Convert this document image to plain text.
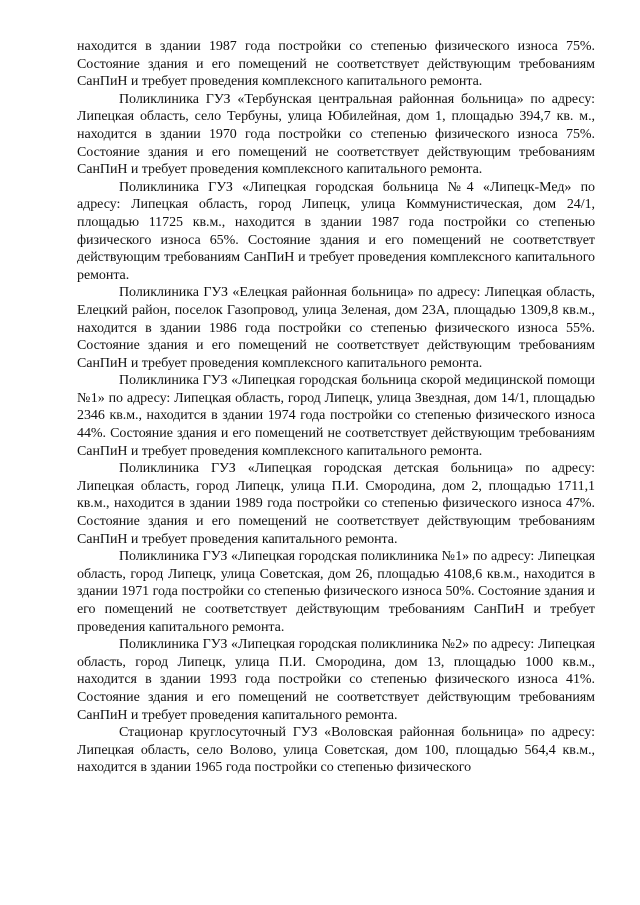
находится в здании 1987 года постройки со степенью физического износа 75%. Состояние здания и его помещений не соответствует действующим требованиям СанПиН и требует проведения комплексного капитального ремонта.

Поликлиника ГУЗ «Тербунская центральная районная больница» по адресу: Липецкая область, село Тербуны, улица Юбилейная, дом 1, площадью 394,7 кв. м., находится в здании 1970 года постройки со степенью физического износа 75%. Состояние здания и его помещений не соответствует действующим требованиям СанПиН и требует проведения комплексного капитального ремонта.

Поликлиника ГУЗ «Липецкая городская больница №4 «Липецк-Мед» по адресу: Липецкая область, город Липецк, улица Коммунистическая, дом 24/1, площадью 11725 кв.м., находится в здании 1987 года постройки со степенью физического износа 65%. Состояние здания и его помещений не соответствует действующим требованиям СанПиН и требует проведения комплексного капитального ремонта.

Поликлиника ГУЗ «Елецкая районная больница» по адресу: Липецкая область, Елецкий район, поселок Газопровод, улица Зеленая, дом 23А, площадью 1309,8 кв.м., находится в здании 1986 года постройки со степенью физического износа 55%. Состояние здания и его помещений не соответствует действующим требованиям СанПиН и требует проведения комплексного капитального ремонта.

Поликлиника ГУЗ «Липецкая городская больница скорой медицинской помощи №1» по адресу: Липецкая область, город Липецк, улица Звездная, дом 14/1, площадью 2346 кв.м., находится в здании 1974 года постройки со степенью физического износа 44%. Состояние здания и его помещений не соответствует действующим требованиям СанПиН и требует проведения комплексного капитального ремонта.

Поликлиника ГУЗ «Липецкая городская детская больница» по адресу: Липецкая область, город Липецк, улица П.И. Смородина, дом 2, площадью 1711,1 кв.м., находится в здании 1989 года постройки со степенью физического износа 47%. Состояние здания и его помещений не соответствует действующим требованиям СанПиН и требует проведения капитального ремонта.

Поликлиника ГУЗ «Липецкая городская поликлиника №1» по адресу: Липецкая область, город Липецк, улица Советская, дом 26, площадью 4108,6 кв.м., находится в здании 1971 года постройки со степенью физического износа 50%. Состояние здания и его помещений не соответствует действующим требованиям СанПиН и требует проведения капитального ремонта.

Поликлиника ГУЗ «Липецкая городская поликлиника №2» по адресу: Липецкая область, город Липецк, улица П.И. Смородина, дом 13, площадью 1000 кв.м., находится в здании 1993 года постройки со степенью физического износа 41%. Состояние здания и его помещений не соответствует действующим требованиям СанПиН и требует проведения капитального ремонта.

Стационар круглосуточный ГУЗ «Воловская районная больница» по адресу: Липецкая область, село Волово, улица Советская, дом 100, площадью 564,4 кв.м., находится в здании 1965 года постройки со степенью физического
